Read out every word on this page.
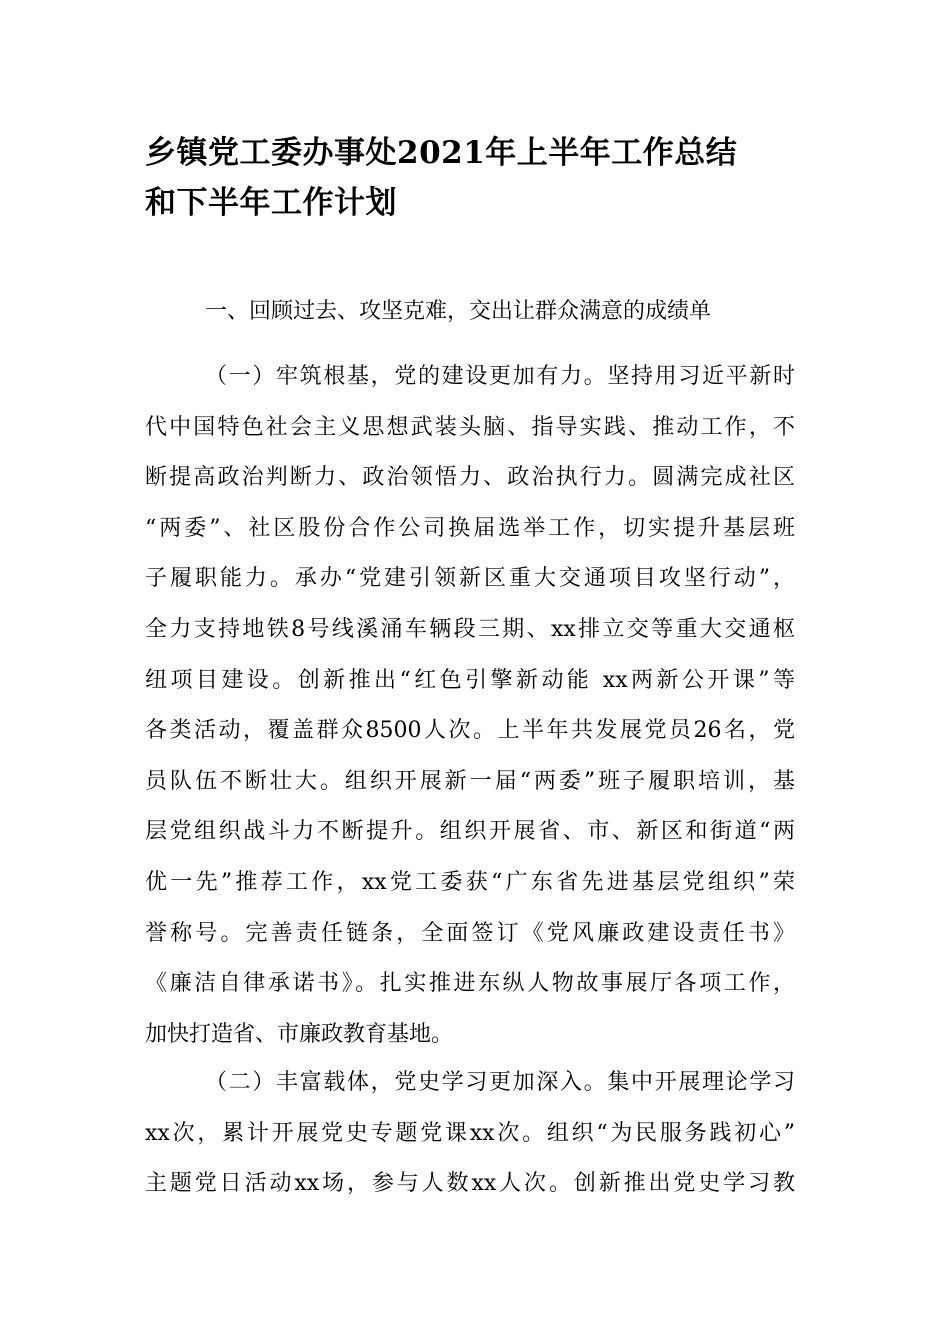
乡镇党工委办事处2021年上半年工作总结
和下半年工作计划

一、回顾过去、攻坚克难，交出让群众满意的成绩单

（一）牢筑根基，党的建设更加有力。坚持用习近平新时
代中国特色社会主义思想武装头脑、指导实践、推动工作，不
断提高政治判断力、政治领悟力、政治执行力。圆满完成社区
“两委”、社区股份合作公司换届选举工作，切实提升基层班
子履职能力。承办“党建引领新区重大交通项目攻坚行动”，
全力支持地铁8号线溪涌车辆段三期、xx排立交等重大交通枢
纽项目建设。创新推出“红色引擎新动能 xx两新公开课”等
各类活动，覆盖群众8500人次。上半年共发展党员26名，党
员队伍不断壮大。组织开展新一届“两委”班子履职培训，基
层党组织战斗力不断提升。组织开展省、市、新区和街道“两
优一先”推荐工作，xx党工委获“广东省先进基层党组织”荣
誉称号。完善责任链条，全面签订《党风廉政建设责任书》
《廉洁自律承诺书》。扎实推进东纵人物故事展厅各项工作，
加快打造省、市廉政教育基地。
（二）丰富载体，党史学习更加深入。集中开展理论学习
xx次，累计开展党史专题党课xx次。组织“为民服务践初心”
主题党日活动xx场，参与人数xx人次。创新推出党史学习教
